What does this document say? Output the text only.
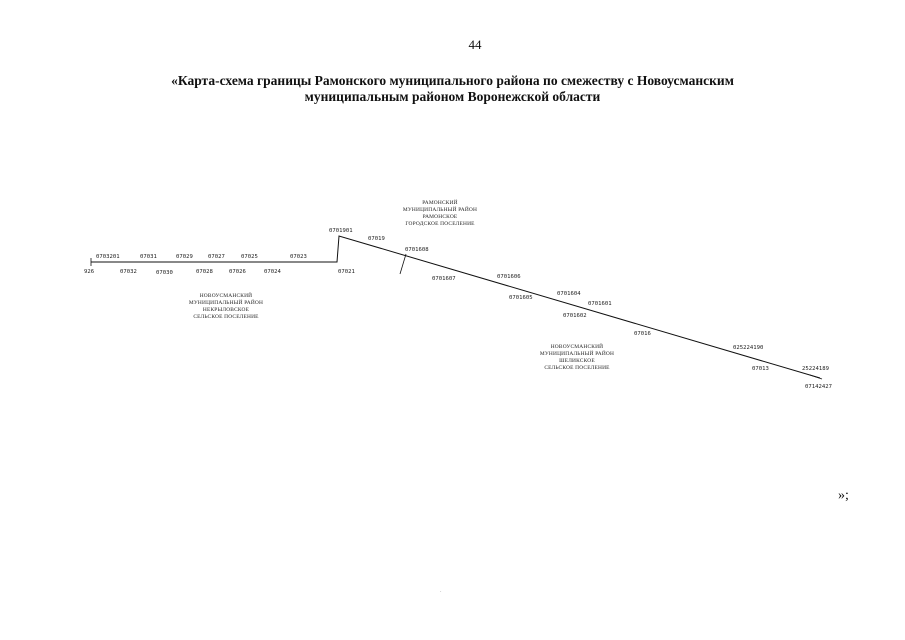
44
«Карта-схема границы Рамонского муниципального района по смежеству с Новоусманским
муниципальным районом Воронежской области
РАМОНСКИЙ
МУНИЦИПАЛЬНЫЙ РАЙОН
РАМОНСКОЕ
ГОРОДСКОЕ ПОСЕЛЕНИЕ
НОВОУСМАНСКИЙ
МУНИЦИПАЛЬНЫЙ РАЙОН
НЕКРЫЛОВСКОЕ
СЕЛЬСКОЕ ПОСЕЛЕНИЕ
НОВОУСМАНСКИЙ
МУНИЦИПАЛЬНЫЙ РАЙОН
ШЕЛИКСКОЕ
СЕЛЬСКОЕ ПОСЕЛЕНИЕ
0703201	07031	07029	07027	07025	07023
926	07032	07030	07028	07026	07024
0701901
07019
07021
0701608
0701607	0701606
0701605
0701604
0701601
0701602
07016
025224190
07013	25224189
07142427
»;
.
